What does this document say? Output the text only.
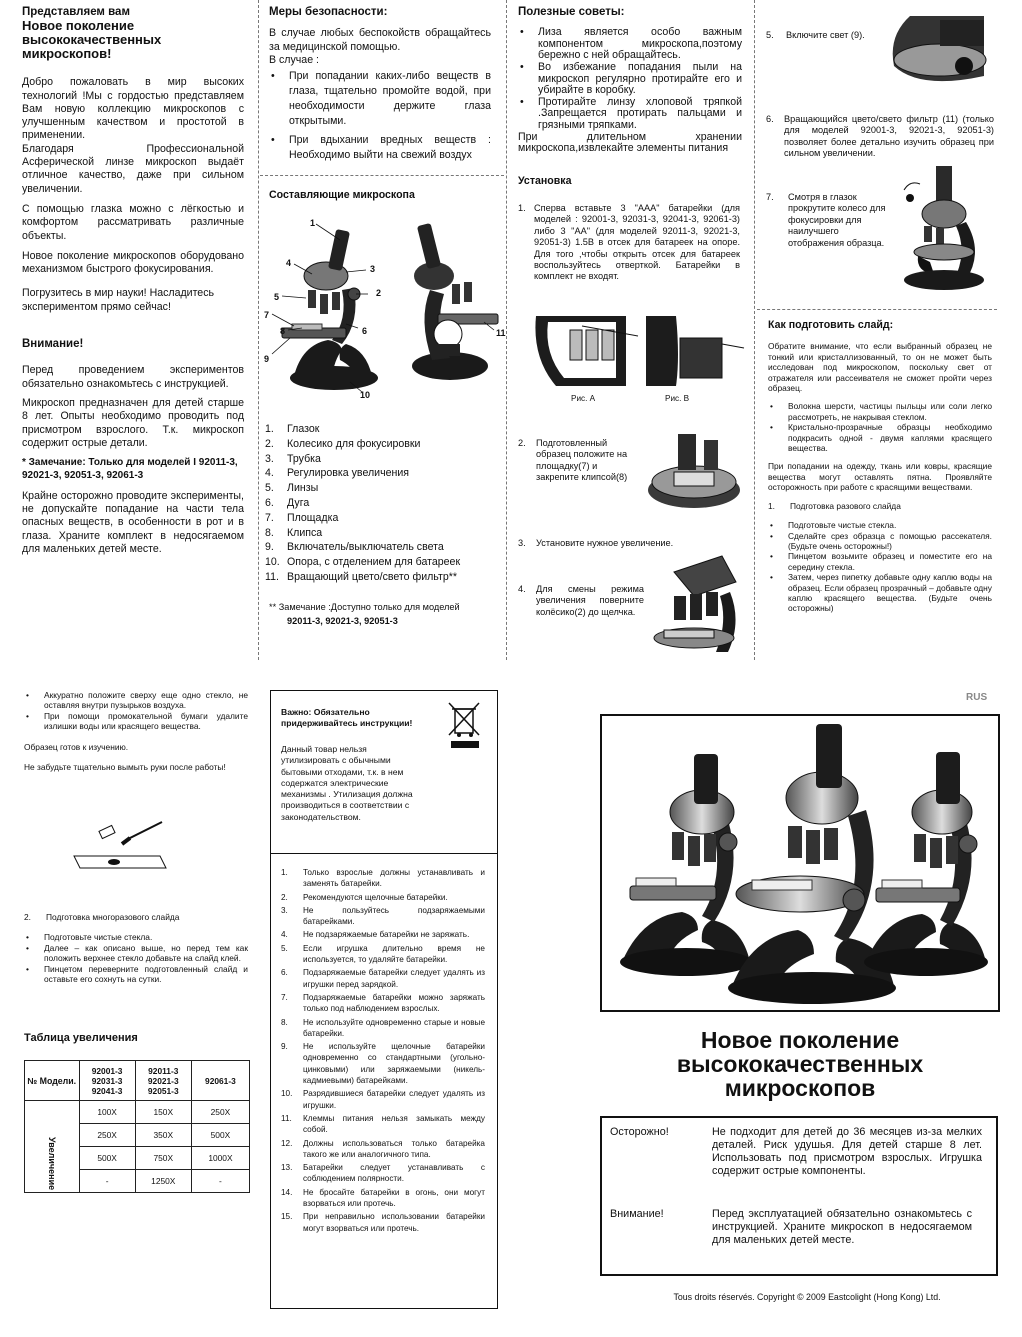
Представляем вам

Новое поколение высококачественных микроскопов!

Добро пожаловать в мир высоких технологий !Мы с гордостью представляем Вам новую коллекцию микроскопов с улучшенным качеством и простотой в применении.

Благодаря Профессиональной Асферической линзе микроскоп выдаёт отличное качество, даже при сильном увеличении.

С помощью глазка можно с лёгкостью и комфортом рассматривать различные объекты.

Новое поколение микроскопов оборудовано механизмом быстрого фокусирования.

Погрузитесь в мир науки! Насладитесь экспериментом прямо сейчас!

Внимание!

Перед проведением экспериментов обязательно ознакомьтесь с инструкцией.

Микроскоп предназначен для детей старше 8 лет. Опыты необходимо проводить под присмотром взрослого. Т.к. микроскоп содержит острые детали.

* Замечание: Только для моделей I 92011-3, 92021-3, 92051-3, 92061-3

Крайне осторожно проводите эксперименты, не допускайте попадание на части тела опасных веществ, в особенности в рот и в глаза. Храните комплект в недосягаемом для маленьких детей месте.

Меры безопасности:

В случае любых беспокойств обращайтесь за медицинской помощью.

В случае :

• При попадании каких-либо веществ в глаза, тщательно промойте водой, при необходимости держите глаза открытыми.
• При вдыхании вредных веществ : Необходимо выйти на свежий воздух

Составляющие микроскопа

1
2
3
4
5
6
7
8
9
10
11
1. Глазок
2. Колесико для фокусировки
3. Трубка
4. Регулировка увеличения
5. Линзы
6. Дуга
7. Площадка
8. Клипса
9. Включатель/выключатель света
10. Опора, с отделением для батареек
11. Вращающий цвето/свето фильтр**

** Замечание :Доступно только для моделей

92011-3, 92021-3, 92051-3

Полезные советы:

• Лиза является особо важным компонентом микроскопа,поэтому бережно с ней обращайтесь.
• Во избежание попадания пыли на микроскоп регулярно протирайте его и убирайте в коробку.
• Протирайте линзу хлоповой тряпкой .Запрещается протирать пальцами и грязными тряпками.

При длительном хранении микроскопа,извлекайте элементы питания

Установка

1. Сперва вставьте 3 "AAA" батарейки (для моделей : 92001-3, 92031-3, 92041-3, 92061-3) либо 3 "AA" (для моделей 92011-3, 92021-3, 92051-3) 1.5В в отсек для батареек на опоре. Для того ,чтобы открыть отсек для батареек воспользуйтесь отверткой. Батарейки в комплект не входят.

Рис. A	Рис. B

2. Подготовленный образец положите на площадку(7) и закрепите клипсой(8)

3. Установите нужное увеличение.

4. Для смены режима увеличения поверните колёсико(2) до щелчка.

5. Включите свет (9).

6. Вращающийся цвето/свето фильтр (11) (только для моделей 92001-3, 92021-3, 92051-3) позволяет более детально изучить образец при сильном увеличении.

7. Смотря в глазок прокрутите колесо для фокусировки для наилучшего отображения образца.

Как подготовить слайд:

Обратите внимание, что если выбранный образец не тонкий или кристаллизованный, то он не может быть исследован под микроскопом, поскольку свет от отражателя или рассеивателя не сможет пройти через образец.

• Волокна шерсти, частицы пыльцы или соли легко рассмотреть, не накрывая стеклом.
• Кристально-прозрачные образцы необходимо подкрасить одной - двумя каплями красящего вещества.

При попадании на одежду, ткань или ковры, красящие вещества могут оставлять пятна. Проявляйте осторожность при работе с красящими веществами.

1. Подготовка разового слайда

• Подготовьте чистые стекла.
• Сделайте срез образца с помощью рассекателя. (Будьте очень осторожны!)
• Пинцетом возьмите образец и поместите его на середину стекла.
• Затем, через пипетку добавьте одну каплю воды на образец. Если образец прозрачный – добавьте одну каплю красящего вещества. (Будьте очень осторожны)
• Аккуратно положите сверху еще одно стекло, не оставляя внутри пузырьков воздуха.
• При помощи промокательной бумаги удалите излишки воды или красящего вещества.

Образец готов к изучению.

Не забудьте тщательно вымыть руки после работы!

2. Подготовка многоразового слайда

• Подготовьте чистые стекла.
• Далее – как описано выше, но перед тем как положить верхнее стекло добавьте на слайд клей.
• Пинцетом переверните подготовленный слайд и оставьте его сохнуть на сутки.

Таблица увеличения

№ Модели.	92001-3 92031-3 92041-3	92011-3 92021-3 92051-3	92061-3

Увеличение	100X	150X	250X
	250X	350X	500X
	500X	750X	1000X
	-	1250X	-

Важно: Обязательно придерживайтесь инструкции!

Данный товар нельзя утилизировать с обычными бытовыми отходами, т.к. в нем содержатся электрические механизмы . Утилизация должна производиться в соответствии с законодательством.

1. Только взрослые должны устанавливать и заменять батарейки.
2. Рекомендуются щелочные батарейки.
3. Не пользуйтесь подзаряжаемыми батарейками.
4. Не подзаряжаемые батарейки не заряжать.
5. Если игрушка длительно время не используется, то удаляйте батарейки.
6. Подзаряжаемые батарейки следует удалять из игрушки перед зарядкой.
7. Подзаряжаемые батарейки можно заряжать только под наблюдением взрослых.
8. Не используйте одновременно старые и новые батарейки.
9. Не используйте щелочные батарейки одновременно со стандартными (угольно-цинковыми) или заряжаемыми (никель-кадмиевыми) батарейками.
10. Разрядившиеся батарейки следует удалять из игрушки.
11. Клеммы питания нельзя замыкать между собой.
12. Должны использоваться только батарейка такого же или аналогичного типа.
13. Батарейки следует устанавливать с соблюдением полярности.
14. Не бросайте батарейки в огонь, они могут взорваться или протечь.
15. При неправильно использовании батарейки могут взорваться или протечь.

RUS

Новое поколение высококачественных микроскопов

Осторожно!	Не подходит для детей до 36 месяцев из-за мелких деталей. Риск удушья. Для детей старше 8 лет. Использовать под присмотром взрослых. Игрушка содержит острые компоненты.
Внимание!	Перед эксплуатацией обязательно ознакомьтесь с инструкцией. Храните микроскоп в недосягаемом для маленьких детей месте.

Tous droits réservés. Copyright © 2009 Eastcolight (Hong Kong) Ltd.
